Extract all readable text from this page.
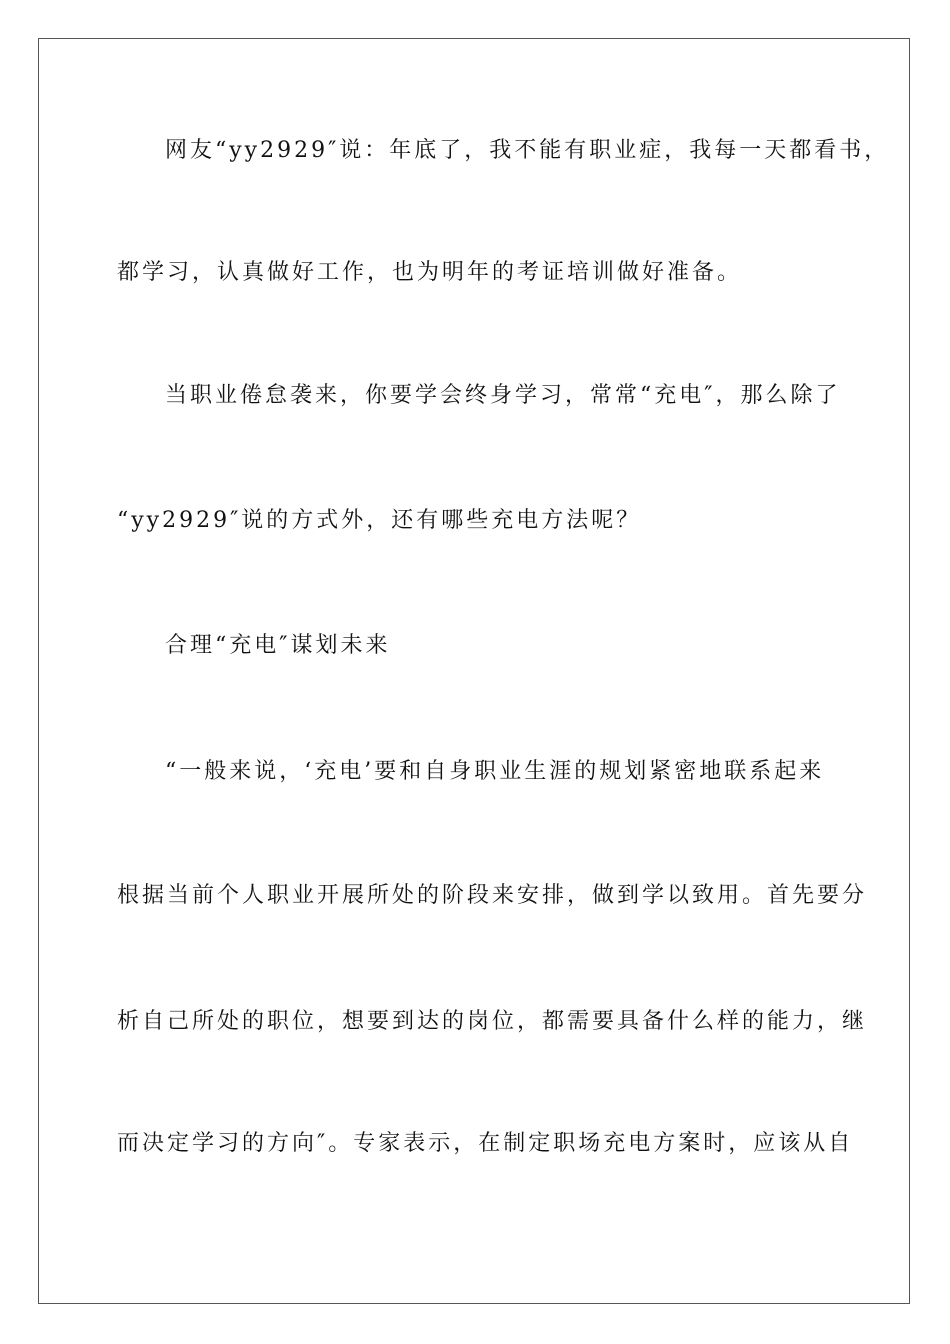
网友“yy2929″说：年底了，我不能有职业症，我每一天都看书，
都学习，认真做好工作，也为明年的考证培训做好准备。
当职业倦怠袭来，你要学会终身学习，常常“充电″，那么除了
“yy2929″说的方式外，还有哪些充电方法呢？
合理“充电″谋划未来
“一般来说，‘充电’要和自身职业生涯的规划紧密地联系起来
根据当前个人职业开展所处的阶段来安排，做到学以致用。首先要分
析自己所处的职位，想要到达的岗位，都需要具备什么样的能力，继
而决定学习的方向″。专家表示，在制定职场充电方案时，应该从自
